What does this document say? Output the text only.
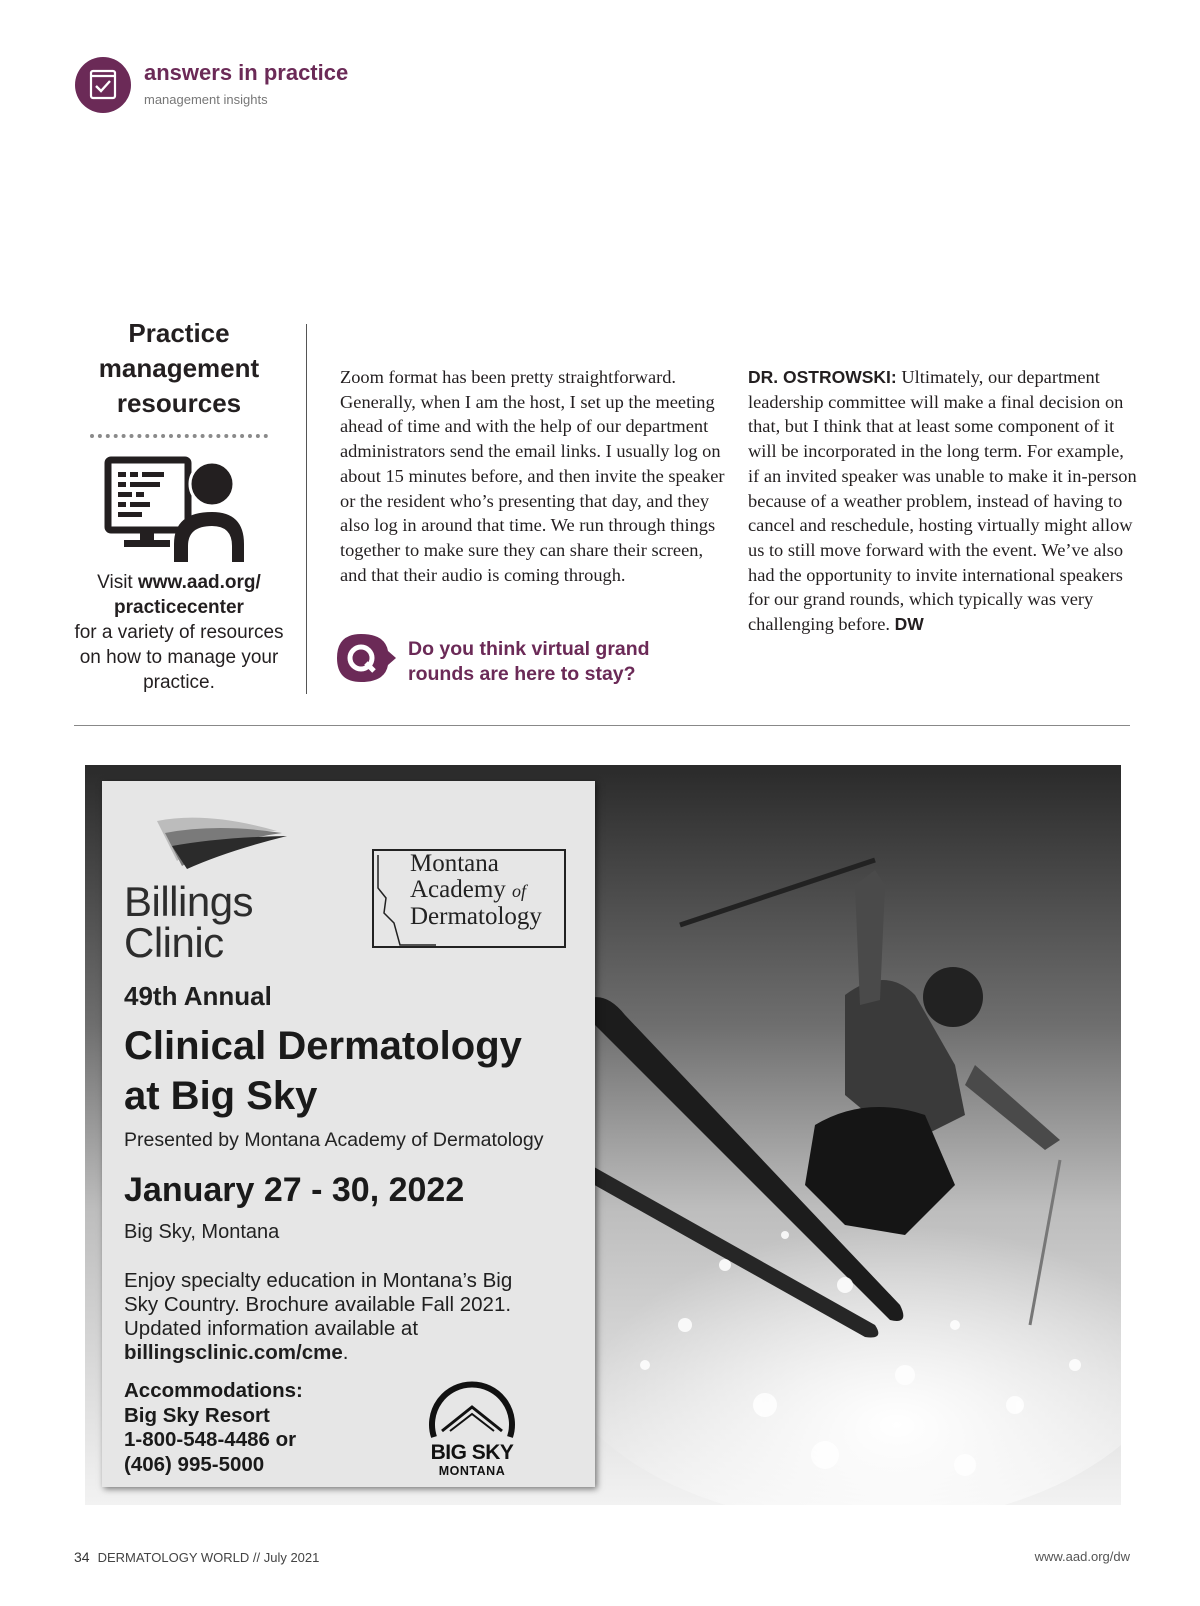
answers in practice
management insights
Practice management resources
Visit www.aad.org/
practicecenter
for a variety of resources on how to manage your practice.
Zoom format has been pretty straightforward. Generally, when I am the host, I set up the meeting ahead of time and with the help of our department administrators send the email links. I usually log on about 15 minutes before, and then invite the speaker or the resident who’s presenting that day, and they also log in around that time. We run through things together to make sure they can share their screen, and that their audio is coming through.
Do you think virtual grand rounds are here to stay?
DR. OSTROWSKI: Ultimately, our department leadership committee will make a final decision on that, but I think that at least some component of it will be incorporated in the long term. For example, if an invited speaker was unable to make it in-person because of a weather problem, instead of having to cancel and reschedule, hosting virtually might allow us to still move forward with the event. We’ve also had the opportunity to invite international speakers for our grand rounds, which typically was very challenging before. DW
Billings
Clinic
Montana
Academy of
Dermatology
49th Annual
Clinical Dermatology
at Big Sky
Presented by Montana Academy of Dermatology
January 27 - 30, 2022
Big Sky, Montana
Enjoy specialty education in Montana’s Big Sky Country. Brochure available Fall 2021. Updated information available at billingsclinic.com/cme.
Accommodations:
Big Sky Resort
1-800-548-4486 or
(406) 995-5000	BIG SKY
MONTANA
34 DERMATOLOGY WORLD // July 2021	www.aad.org/dw
